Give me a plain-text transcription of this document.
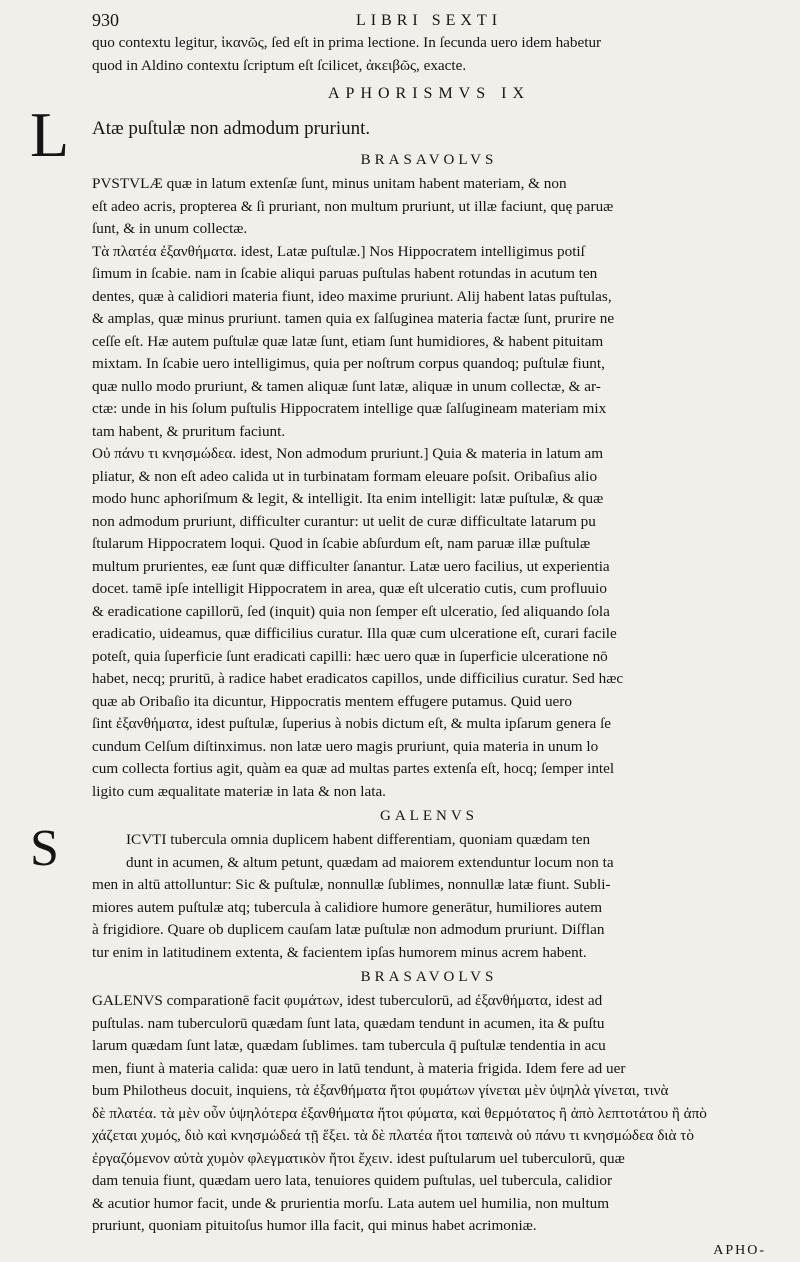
930	LIBRI SEXTI
quo contextu legitur, ἱκανῶς, ſed eſt in prima lectione. In ſecunda uero idem habetur
quod in Aldino contextu ſcriptum eſt ſcilicet, ἀκειβῶς, exacte.
APHORISMVS IX
L Atæ puſtulæ non admodum pruriunt.
BRASAVOLVS
PVSTVLÆ quæ in latum extenſæ ſunt, minus unitam habent materiam, & non
eſt adeo acris, propterea & ſi prurіant, non multum pruriunt, ut illæ faciunt, quę paruæ
ſunt, & in unum collectæ.
Τὰ πλατέα ἐξανθήματα. idest, Latæ puſtulæ.] Nos Hippocratem intelligimus potiſ
ſimum in ſcabie. nam in ſcabie aliqui paruas puſtulas habent rotundas in acutum ten
dentes, quæ à calidiori materia fiunt, ideo maxime pruriunt. Alij habent latas puſtulas,
& amplas, quæ minus pruriunt. tamen quia ex ſalſuginea materia factæ ſunt, prurire ne
ceſſe eſt. Hæ autem puſtulæ quæ latæ ſunt, etiam ſunt humidiores, & habent pituitam
mixtam. In ſcabie uero intelligimus, quia per noſtrum corpus quandoq; puſtulæ fiunt,
quæ nullo modo pruriunt, & tamen aliquæ ſunt latæ, aliquæ in unum collectæ, & ar-
ctæ: unde in his ſolum puſtulis Hippocratem intellige quæ ſalſugineam materiam mix
tam habent, & pruritum faciunt.
Οὐ πάνυ τι κνησμώδεα. idest, Non admodum pruriunt.] Quia & materia in latum am
pliatur, & non eſt adeo calida ut in turbinatam formam eleuare poſsit. Oribaſius alio
modo hunc aphoriſmum & legit, & intelligit. Ita enim intelligit: latæ puſtulæ, & quæ
non admodum pruriunt, difficulter curantur: ut uelit de curæ difficultate latarum pu
ſtularum Hippocratem loqui. Quod in ſcabie abſurdum eſt, nam paruæ illæ puſtulæ
multum prurientes, eæ ſunt quæ difficulter ſanantur. Latæ uero facilius, ut experientia
docet. tamē ipſe intelligit Hippocratem in area, quæ eſt ulceratio cutis, cum profluuio
& eradicatione capillorū, ſed (inquit) quia non ſemper eſt ulceratio, ſed aliquando ſola
eradicatio, uideamus, quæ difficilius curatur. Illa quæ cum ulceratione eſt, curari facile
poteſt, quia ſuperficie ſunt eradicati capilli: hæc uero quæ in ſuperficie ulceratione nō
habet, necq; pruritū, à radice habet eradicatos capillos, unde difficilius curatur. Sed hæc
quæ ab Oribaſio ita dicuntur, Hippocratis mentem effugere putamus. Quid uero
ſint ἐξανθήματα, idest puſtulæ, ſuperius à nobis dictum eſt, & multa ipſarum genera ſe
cundum Celſum diſtinximus. non latæ uero magis pruriunt, quia materia in unum lo
cum collecta fortius agit, quàm ea quæ ad multas partes extenſa eſt, hocq; ſemper intel
ligito cum æqualitate materiæ in lata & non lata.
GALENVS
S	ICVTI tubercula omnia duplicem habent differentiam, quoniam quædam ten
dunt in acumen, & altum petunt, quædam ad maiorem extenduntur locum non ta
men in altū attolluntur: Sic & puſtulæ, nonnullæ ſublimes, nonnullæ latæ fiunt. Subli-
miores autem puſtulæ atq; tubercula à calidiore humore generātur, humiliores autem
à frigidiore. Quare ob duplicem cauſam latæ puſtulæ non admodum pruriunt. Diſflan
tur enim in latitudinem extenta, & facientem ipſas humorem minus acrem habent.
BRASAVOLVS
GALENVS comparationē facit φυμάτων, idest tuberculorū, ad ἐξανθήματα, idest ad
puſtulas. nam tuberculorū quædam ſunt lata, quædam tendunt in acumen, ita & puſtu
larum quædam ſunt latæ, quædam ſublimes. tam tubercula q̄ puſtulæ tendentia in acu
men, fiunt à materia calida: quæ uero in latū tendunt, à materia frigida. Idem fere ad uer
bum Philotheus docuit, inquiens, τὰ ἐξανθήματα ἤτοι φυμάτων γίνεται μὲν ὑψηλὰ γίνεται, τινὰ
δὲ πλατέα. τὰ μὲν οὖν ὑψηλότερα ἐξανθήματα ἤτοι φύματα, καὶ θερμότατος ἢ ἀπὸ λεπτοτάτου ἢ ἀπὸ
χάζεται χυμός, διὸ καὶ κνησμώδεά τῇ ἕξει. τὰ δὲ πλατέα ἤτοι ταπεινὰ οὐ πάνυ τι κνησμώδεα διὰ τὸ
ἐργαζόμενον αὐτὰ χυμὸν φλεγματικὸν ἤτοι ἔχειν. idest puſtularum uel tuberculorū, quæ
dam tenuia fiunt, quædam uero lata, tenuiores quidem puſtulas, uel tubercula, calidior
& acutior humor facit, unde & prurientia morſu. Lata autem uel humilia, non multum
pruriunt, quoniam pituitoſus humor illa facit, qui minus habet acrimoniæ.
APHO-
